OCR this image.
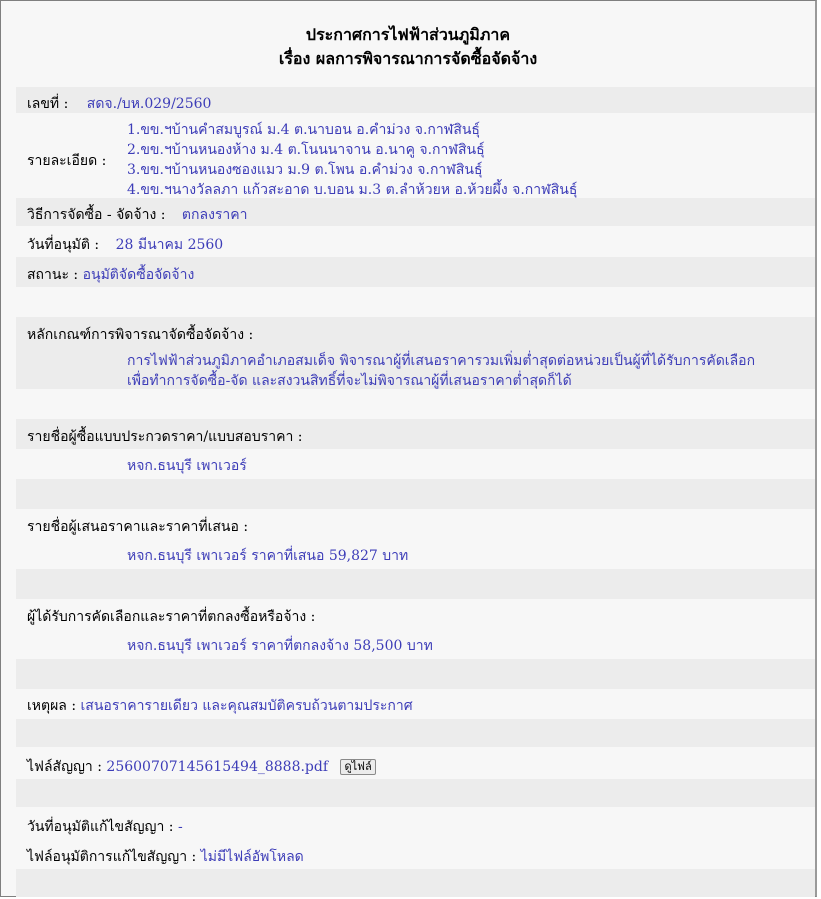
ประกาศการไฟฟ้าส่วนภูมิภาค
เรื่อง ผลการพิจารณาการจัดซื้อจัดจ้าง
เลขที่ : สดจ./บห.029/2560
รายละเอียด :
1.ขข.ฯบ้านคำสมบูรณ์ ม.4 ต.นาบอน อ.คำม่วง จ.กาฬสินธุ์
2.ขข.ฯบ้านหนองห้าง ม.4 ต.โนนนาจาน อ.นาคู จ.กาฬสินธุ์
3.ขข.ฯบ้านหนองซองแมว ม.9 ต.โพน อ.คำม่วง จ.กาฬสินธุ์
4.ขข.ฯนางวัลลภา แก้วสะอาด บ.บอน ม.3 ต.ลำห้วยห อ.ห้วยผึ้ง จ.กาฬสินธุ์
วิธีการจัดซื้อ - จัดจ้าง : ตกลงราคา
วันที่อนุมัติ : 28 มีนาคม 2560
สถานะ : อนุมัติจัดซื้อจัดจ้าง
หลักเกณฑ์การพิจารณาจัดซื้อจัดจ้าง :
การไฟฟ้าส่วนภูมิภาคอำเภอสมเด็จ พิจารณาผู้ที่เสนอราคารวมเพิ่มต่ำสุดต่อหน่วยเป็นผู้ที่ได้รับการคัดเลือก
เพื่อทำการจัดซื้อ-จัด และสงวนสิทธิ์ที่จะไม่พิจารณาผู้ที่เสนอราคาต่ำสุดก็ได้
รายชื่อผู้ซื้อแบบประกวดราคา/แบบสอบราคา :
หจก.ธนบุรี เพาเวอร์
รายชื่อผู้เสนอราคาและราคาที่เสนอ :
หจก.ธนบุรี เพาเวอร์ ราคาที่เสนอ 59,827 บาท
ผู้ได้รับการคัดเลือกและราคาที่ตกลงซื้อหรือจ้าง :
หจก.ธนบุรี เพาเวอร์ ราคาที่ตกลงจ้าง 58,500 บาท
เหตุผล : เสนอราคารายเดียว และคุณสมบัติครบถ้วนตามประกาศ
ไฟล์สัญญา : 25600707145615494_8888.pdf ดูไฟล์
วันที่อนุมัติแก้ไขสัญญา : -
ไฟล์อนุมัติการแก้ไขสัญญา : ไม่มีไฟล์อัพโหลด
